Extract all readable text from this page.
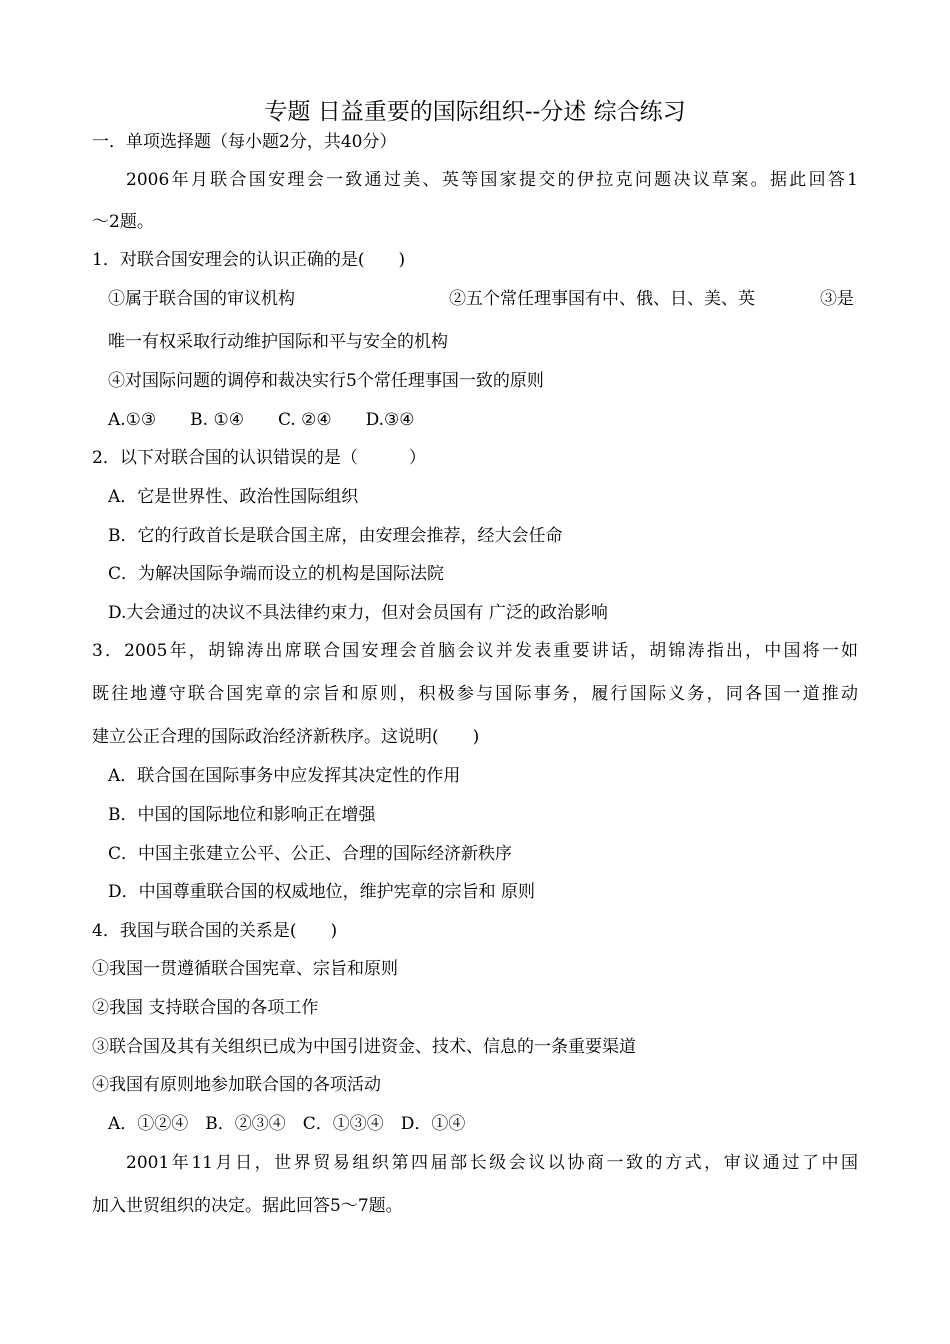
专题 日益重要的国际组织--分述 综合练习
一．单项选择题（每小题2分，共40分）
2006年月联合国安理会一致通过美、英等国家提交的伊拉克问题决议草案。据此回答1
～2题。
1．对联合国安理会的认识正确的是(　　)
①属于联合国的审议机构	②五个常任理事国有中、俄、日、美、英	③是
唯一有权采取行动维护国际和平与安全的机构
④对国际问题的调停和裁决实行5个常任理事国一致的原则
A.①③　　B. ①④　　C. ②④　　D.③④
2．以下对联合国的认识错误的是（　　　）
A．它是世界性、政治性国际组织
B．它的行政首长是联合国主席，由安理会推荐，经大会任命
C．为解决国际争端而设立的机构是国际法院
D.大会通过的决议不具法律约束力，但对会员国有 广泛的政治影响
3．2005年，胡锦涛出席联合国安理会首脑会议并发表重要讲话，胡锦涛指出，中国将一如
既往地遵守联合国宪章的宗旨和原则，积极参与国际事务，履行国际义务，同各国一道推动
建立公正合理的国际政治经济新秩序。这说明(　　)
A．联合国在国际事务中应发挥其决定性的作用
B．中国的国际地位和影响正在增强
C．中国主张建立公平、公正、合理的国际经济新秩序
D．中国尊重联合国的权威地位，维护宪章的宗旨和 原则
4．我国与联合国的关系是(　　)
①我国一贯遵循联合国宪章、宗旨和原则
②我国 支持联合国的各项工作
③联合国及其有关组织已成为中国引进资金、技术、信息的一条重要渠道
④我国有原则地参加联合国的各项活动
A．①②④　B．②③④　C．①③④　D．①④
2001年11月日，世界贸易组织第四届部长级会议以协商一致的方式，审议通过了中国
加入世贸组织的决定。据此回答5～7题。
